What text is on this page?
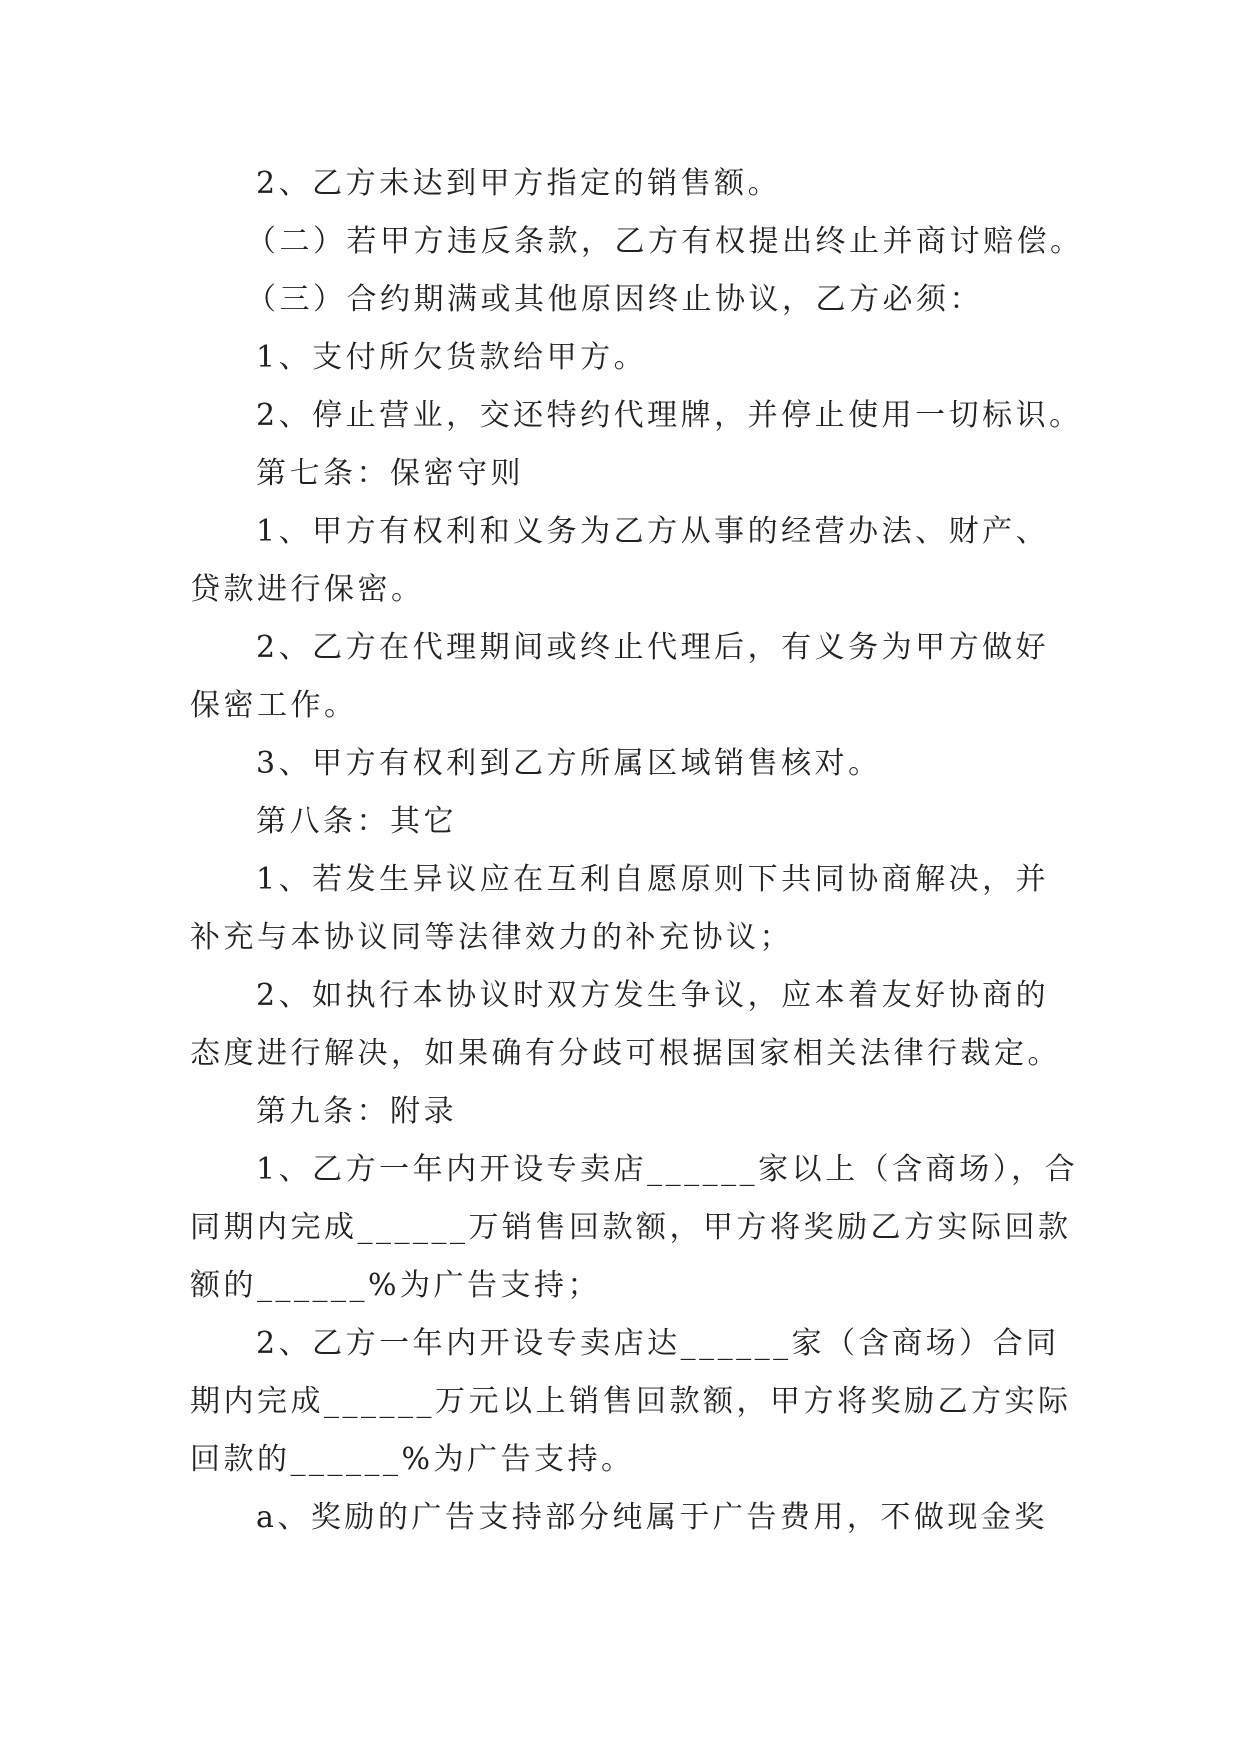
2、乙方未达到甲方指定的销售额。

（二）若甲方违反条款，乙方有权提出终止并商讨赔偿。

（三）合约期满或其他原因终止协议，乙方必须：

1、支付所欠货款给甲方。

2、停止营业，交还特约代理牌，并停止使用一切标识。

第七条：保密守则

1、甲方有权利和义务为乙方从事的经营办法、财产、

贷款进行保密。

2、乙方在代理期间或终止代理后，有义务为甲方做好

保密工作。

3、甲方有权利到乙方所属区域销售核对。

第八条：其它

1、若发生异议应在互利自愿原则下共同协商解决，并

补充与本协议同等法律效力的补充协议；

2、如执行本协议时双方发生争议，应本着友好协商的

态度进行解决，如果确有分歧可根据国家相关法律行裁定。

第九条：附录

1、乙方一年内开设专卖店______家以上（含商场），合

同期内完成______万销售回款额，甲方将奖励乙方实际回款

额的______%为广告支持；

2、乙方一年内开设专卖店达______家（含商场）合同

期内完成______万元以上销售回款额，甲方将奖励乙方实际

回款的______%为广告支持。

a、奖励的广告支持部分纯属于广告费用，不做现金奖
